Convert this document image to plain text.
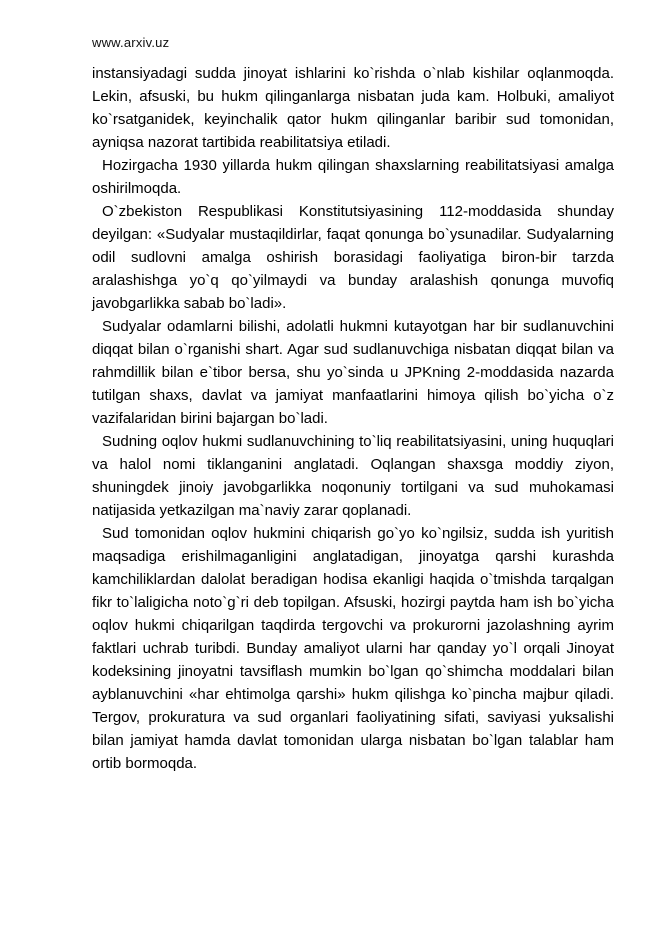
www.arxiv.uz

instansiyadagi sudda jinoyat ishlarini ko`rishda o`nlab kishilar oqlanmoqda. Lekin, afsuski, bu hukm qilinganlarga nisbatan juda kam. Holbuki, amaliyot ko`rsatganidek, keyinchalik qator hukm qilinganlar baribir sud tomonidan, ayniqsa nazorat tartibida reabilitatsiya etiladi.

Hozirgacha 1930 yillarda hukm qilingan shaxslarning reabilitatsiyasi amalga oshirilmoqda.

O`zbekiston Respublikasi Konstitutsiyasining 112-moddasida shunday deyilgan: «Sudyalar mustaqildirlar, faqat qonunga bo`ysunadilar. Sudyalarning odil sudlovni amalga oshirish borasidagi faoliyatiga biron-bir tarzda aralashishga yo`q qo`yilmaydi va bunday aralashish qonunga muvofiq javobgarlikka sabab bo`ladi».

Sudyalar odamlarni bilishi, adolatli hukmni kutayotgan har bir sudlanuvchini diqqat bilan o`rganishi shart. Agar sud sudlanuvchiga nisbatan diqqat bilan va rahmdillik bilan e`tibor bersa, shu yo`sinda u JPKning 2-moddasida nazarda tutilgan shaxs, davlat va jamiyat manfaatlarini himoya qilish bo`yicha o`z vazifalaridan birini bajargan bo`ladi.

Sudning oqlov hukmi sudlanuvchining to`liq reabilitatsiyasini, uning huquqlari va halol nomi tiklanganini anglatadi. Oqlangan shaxsga moddiy ziyon, shuningdek jinoiy javobgarlikka noqonuniy tortilgani va sud muhokamasi natijasida yetkazilgan ma`naviy zarar qoplanadi.

Sud tomonidan oqlov hukmini chiqarish go`yo ko`ngilsiz, sudda ish yuritish maqsadiga erishilmaganligini anglatadigan, jinoyatga qarshi kurashda kamchiliklardan dalolat beradigan hodisa ekanligi haqida o`tmishda tarqalgan fikr to`laligicha noto`g`ri deb topilgan. Afsuski, hozirgi paytda ham ish bo`yicha oqlov hukmi chiqarilgan taqdirda tergovchi va prokurorni jazolashning ayrim faktlari uchrab turibdi. Bunday amaliyot ularni har qanday yo`l orqali Jinoyat kodeksining jinoyatni tavsiflash mumkin bo`lgan qo`shimcha moddalari bilan ayblanuvchini «har ehtimolga qarshi» hukm qilishga ko`pincha majbur qiladi. Tergov, prokuratura va sud organlari faoliyatining sifati, saviyasi yuksalishi bilan jamiyat hamda davlat tomonidan ularga nisbatan bo`lgan talablar ham ortib bormoqda.
